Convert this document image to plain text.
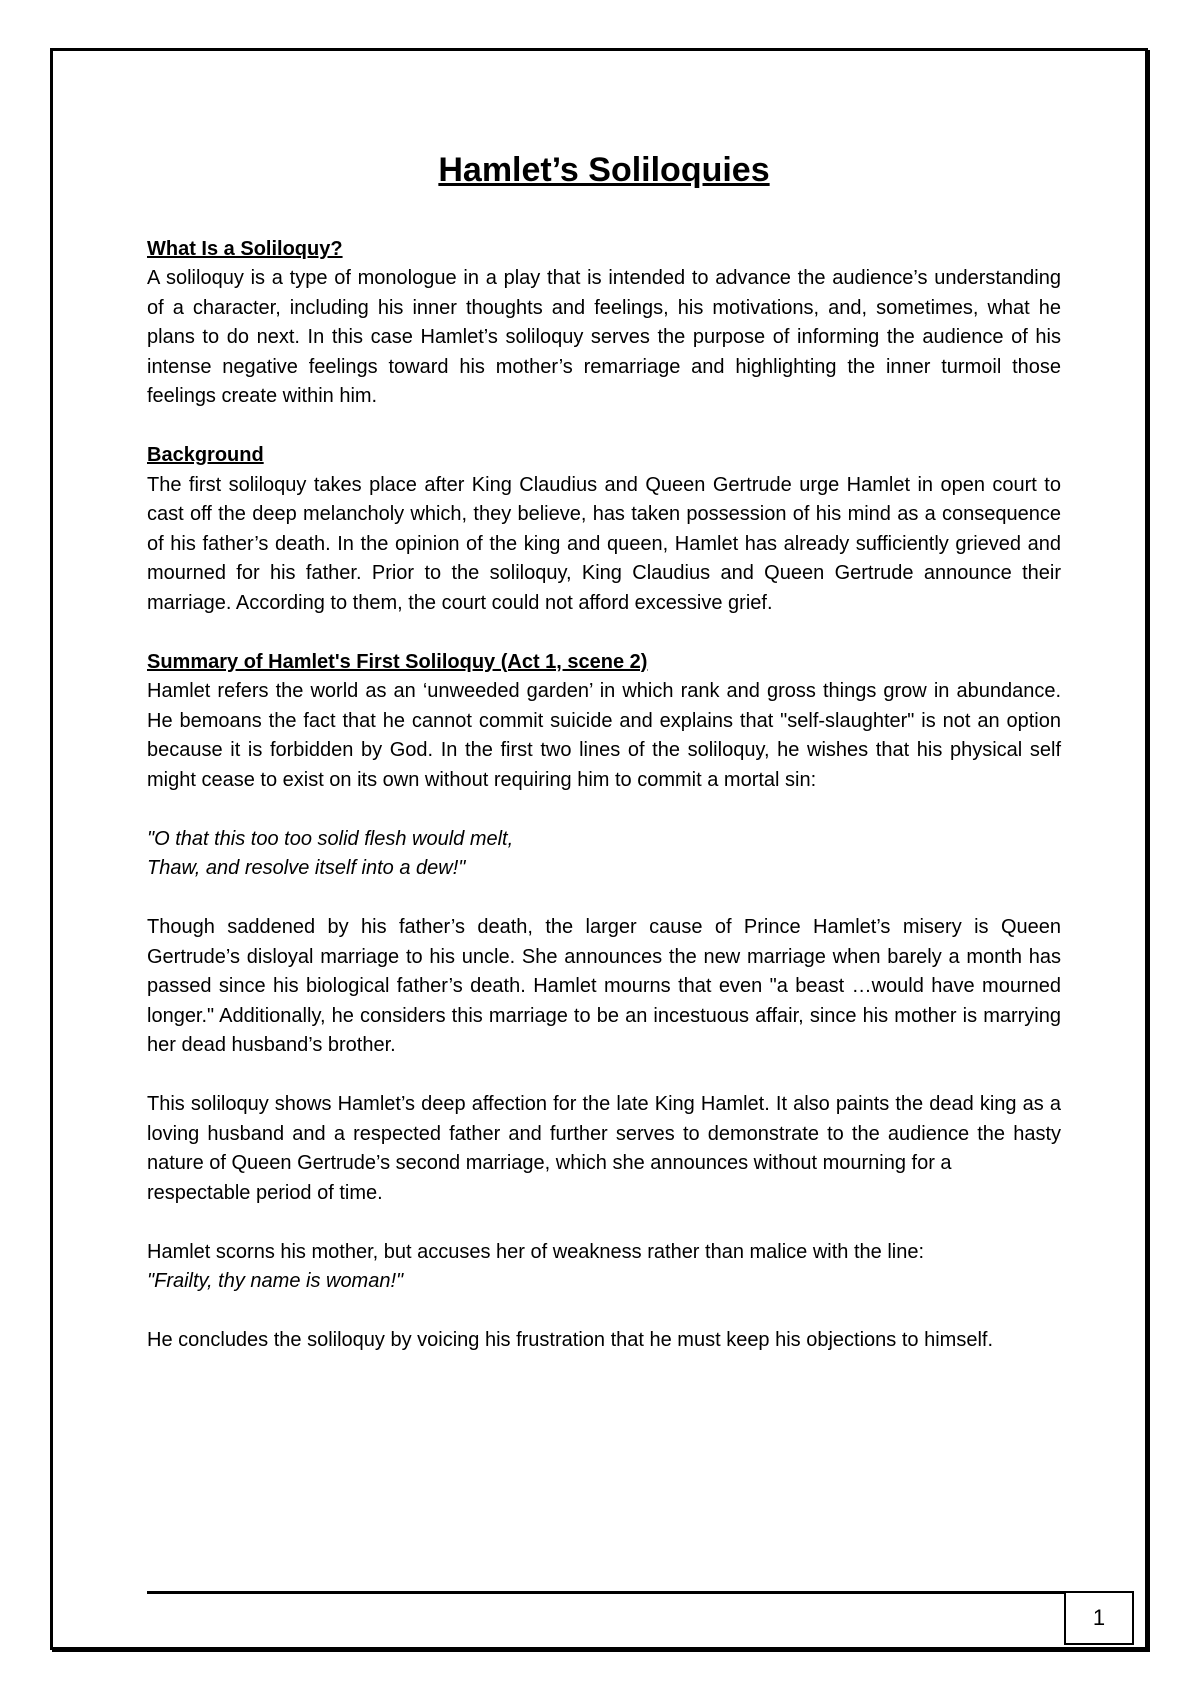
Hamlet’s Soliloquies

What Is a Soliloquy?

A soliloquy is a type of monologue in a play that is intended to advance the audience’s understanding of a character, including his inner thoughts and feelings, his motivations, and, sometimes, what he plans to do next. In this case Hamlet’s soliloquy serves the purpose of informing the audience of his intense negative feelings toward his mother’s remarriage and highlighting the inner turmoil those feelings create within him.

Background

The first soliloquy takes place after King Claudius and Queen Gertrude urge Hamlet in open court to cast off the deep melancholy which, they believe, has taken possession of his mind as a consequence of his father’s death. In the opinion of the king and queen, Hamlet has already sufficiently grieved and mourned for his father. Prior to the soliloquy, King Claudius and Queen Gertrude announce their marriage. According to them, the court could not afford excessive grief.

Summary of Hamlet's First Soliloquy (Act 1, scene 2)

Hamlet refers the world as an ‘unweeded garden’ in which rank and gross things grow in abundance. He bemoans the fact that he cannot commit suicide and explains that "self-slaughter" is not an option because it is forbidden by God. In the first two lines of the soliloquy, he wishes that his physical self might cease to exist on its own without requiring him to commit a mortal sin:

"O that this too too solid flesh would melt,

Thaw, and resolve itself into a dew!"

Though saddened by his father’s death, the larger cause of Prince Hamlet’s misery is Queen Gertrude’s disloyal marriage to his uncle. She announces the new marriage when barely a month has passed since his biological father’s death. Hamlet mourns that even "a beast …would have mourned longer." Additionally, he considers this marriage to be an incestuous affair, since his mother is marrying her dead husband’s brother.

This soliloquy shows Hamlet’s deep affection for the late King Hamlet. It also paints the dead king as a loving husband and a respected father and further serves to demonstrate to the audience the hasty nature of Queen Gertrude’s second marriage, which she announces without mourning for a

respectable period of time.

Hamlet scorns his mother, but accuses her of weakness rather than malice with the line:

"Frailty, thy name is woman!"

He concludes the soliloquy by voicing his frustration that he must keep his objections to himself.

1
